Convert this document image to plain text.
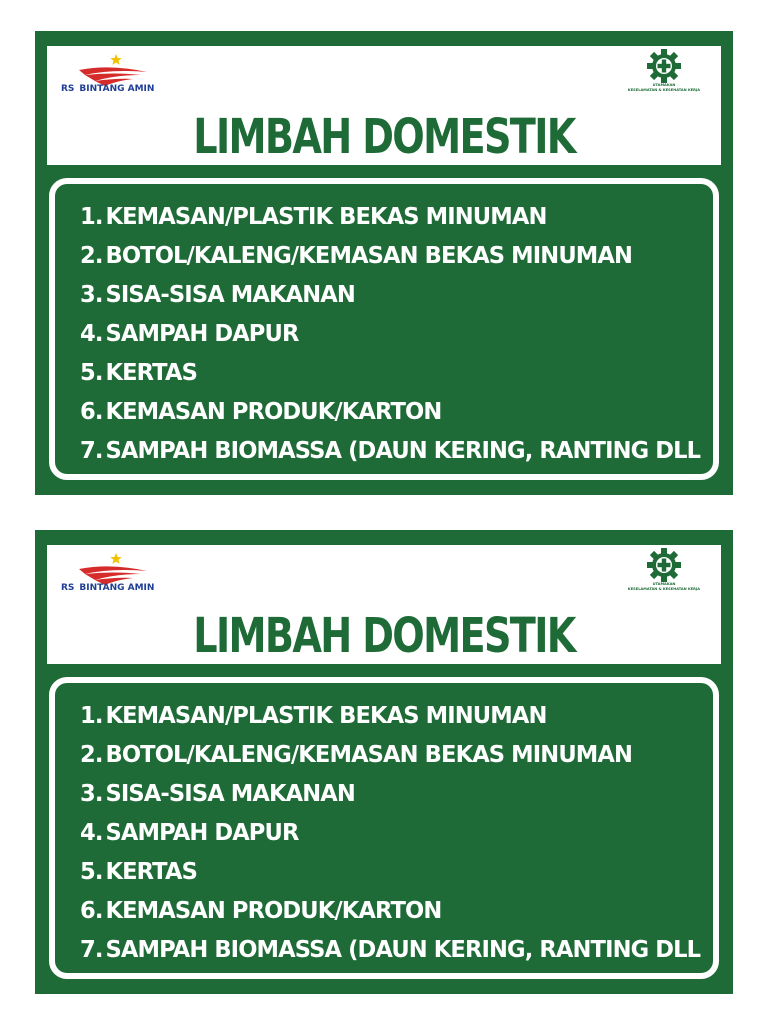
RS BINTANG AMIN	UTAMAKAN
KESELAMATAN & KESEHATAN KERJA
LIMBAH DOMESTIK
1. KEMASAN/PLASTIK BEKAS MINUMAN
2. BOTOL/KALENG/KEMASAN BEKAS MINUMAN
3. SISA-SISA MAKANAN
4. SAMPAH DAPUR
5. KERTAS
6. KEMASAN PRODUK/KARTON
7. SAMPAH BIOMASSA (DAUN KERING, RANTING DLL
RS BINTANG AMIN	UTAMAKAN
KESELAMATAN & KESEHATAN KERJA
LIMBAH DOMESTIK
1. KEMASAN/PLASTIK BEKAS MINUMAN
2. BOTOL/KALENG/KEMASAN BEKAS MINUMAN
3. SISA-SISA MAKANAN
4. SAMPAH DAPUR
5. KERTAS
6. KEMASAN PRODUK/KARTON
7. SAMPAH BIOMASSA (DAUN KERING, RANTING DLL
